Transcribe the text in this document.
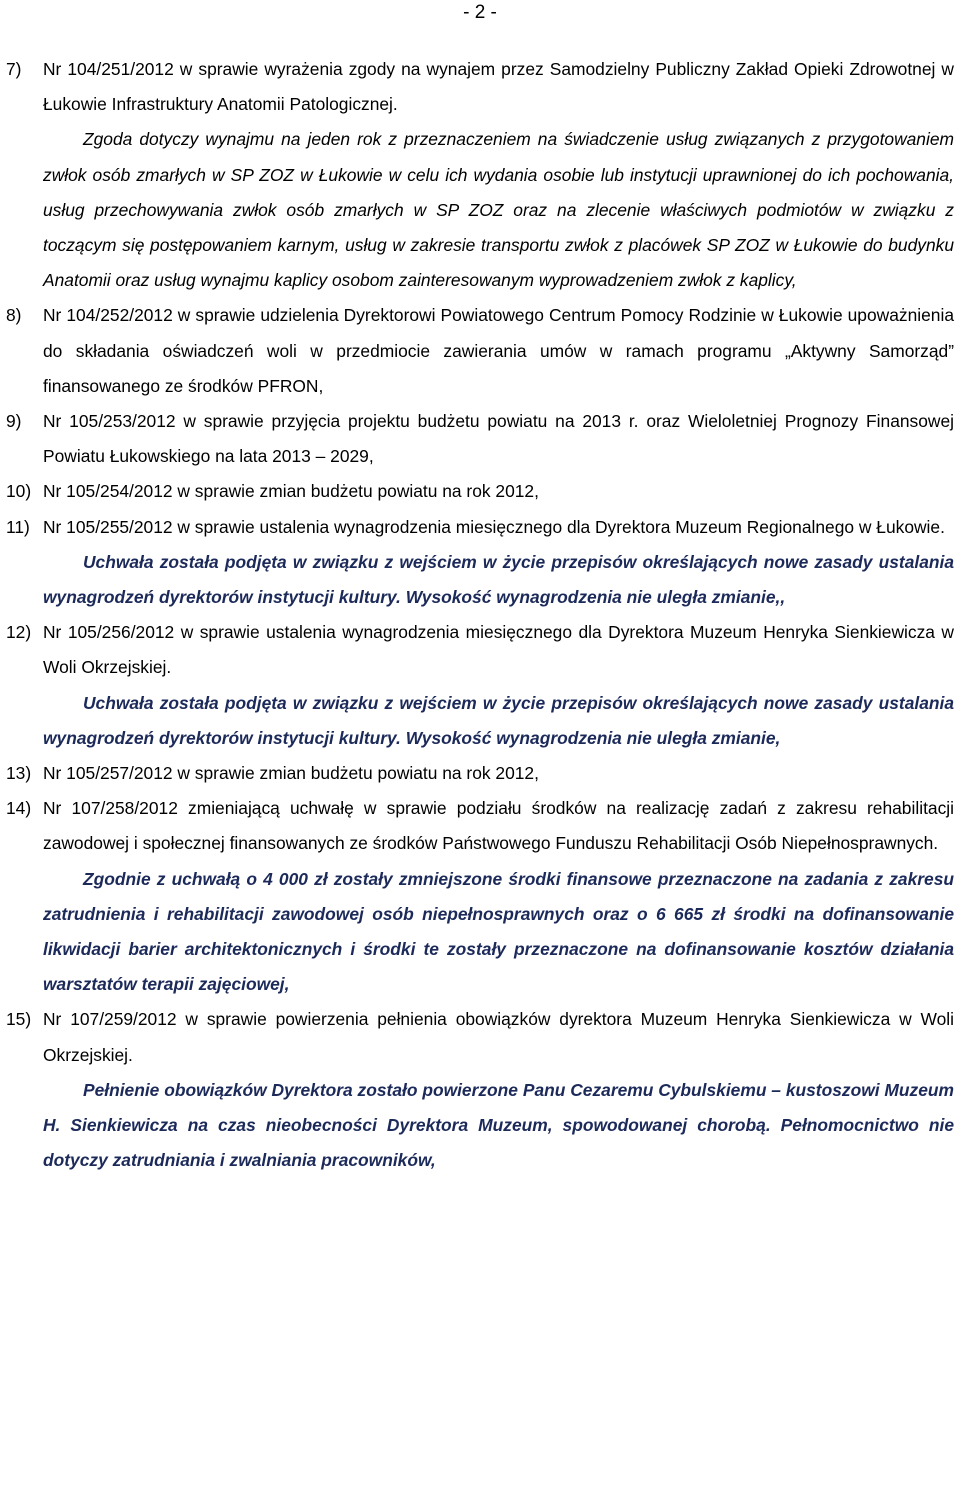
- 2 -
7) Nr 104/251/2012 w sprawie wyrażenia zgody na wynajem przez Samodzielny Publiczny Zakład Opieki Zdrowotnej w Łukowie Infrastruktury Anatomii Patologicznej.
Zgoda dotyczy wynajmu na jeden rok z przeznaczeniem na świadczenie usług związanych z przygotowaniem zwłok osób zmarłych w SP ZOZ w Łukowie w celu ich wydania osobie lub instytucji uprawnionej do ich pochowania, usług przechowywania zwłok osób zmarłych w SP ZOZ oraz na zlecenie właściwych podmiotów w związku z toczącym się postępowaniem karnym, usług w zakresie transportu zwłok z placówek SP ZOZ w Łukowie do budynku Anatomii oraz usług wynajmu kaplicy osobom zainteresowanym wyprowadzeniem zwłok z kaplicy,
8) Nr 104/252/2012 w sprawie udzielenia Dyrektorowi Powiatowego Centrum Pomocy Rodzinie w Łukowie upoważnienia do składania oświadczeń woli w przedmiocie zawierania umów w ramach programu „Aktywny Samorząd” finansowanego ze środków PFRON,
9) Nr 105/253/2012 w sprawie przyjęcia projektu budżetu powiatu na 2013 r. oraz Wieloletniej Prognozy Finansowej Powiatu Łukowskiego na lata 2013 – 2029,
10) Nr 105/254/2012 w sprawie zmian budżetu powiatu na rok 2012,
11) Nr 105/255/2012 w sprawie ustalenia wynagrodzenia miesięcznego dla Dyrektora Muzeum Regionalnego w Łukowie.
Uchwała została podjęta w związku z wejściem w życie przepisów określających nowe zasady ustalania wynagrodzeń dyrektorów instytucji kultury. Wysokość wynagrodzenia nie uległa zmianie,,
12) Nr 105/256/2012 w sprawie ustalenia wynagrodzenia miesięcznego dla Dyrektora Muzeum Henryka Sienkiewicza w Woli Okrzejskiej.
Uchwała została podjęta w związku z wejściem w życie przepisów określających nowe zasady ustalania wynagrodzeń dyrektorów instytucji kultury. Wysokość wynagrodzenia nie uległa zmianie,
13) Nr 105/257/2012 w sprawie zmian budżetu powiatu na rok 2012,
14) Nr 107/258/2012 zmieniającą uchwałę w sprawie podziału środków na realizację zadań z zakresu rehabilitacji zawodowej i społecznej finansowanych ze środków Państwowego Funduszu Rehabilitacji Osób Niepełnosprawnych.
Zgodnie z uchwałą o 4 000 zł zostały zmniejszone środki finansowe przeznaczone na zadania z zakresu zatrudnienia i rehabilitacji zawodowej osób niepełnosprawnych oraz o 6 665 zł środki na dofinansowanie likwidacji barier architektonicznych i środki te zostały przeznaczone na dofinansowanie kosztów działania warsztatów terapii zajęciowej,
15) Nr 107/259/2012 w sprawie powierzenia pełnienia obowiązków dyrektora Muzeum Henryka Sienkiewicza w Woli Okrzejskiej.
Pełnienie obowiązków Dyrektora zostało powierzone Panu Cezaremu Cybulskiemu – kustoszowi Muzeum H. Sienkiewicza na czas nieobecności Dyrektora Muzeum, spowodowanej chorobą. Pełnomocnictwo nie dotyczy zatrudniania i zwalniania pracowników,
